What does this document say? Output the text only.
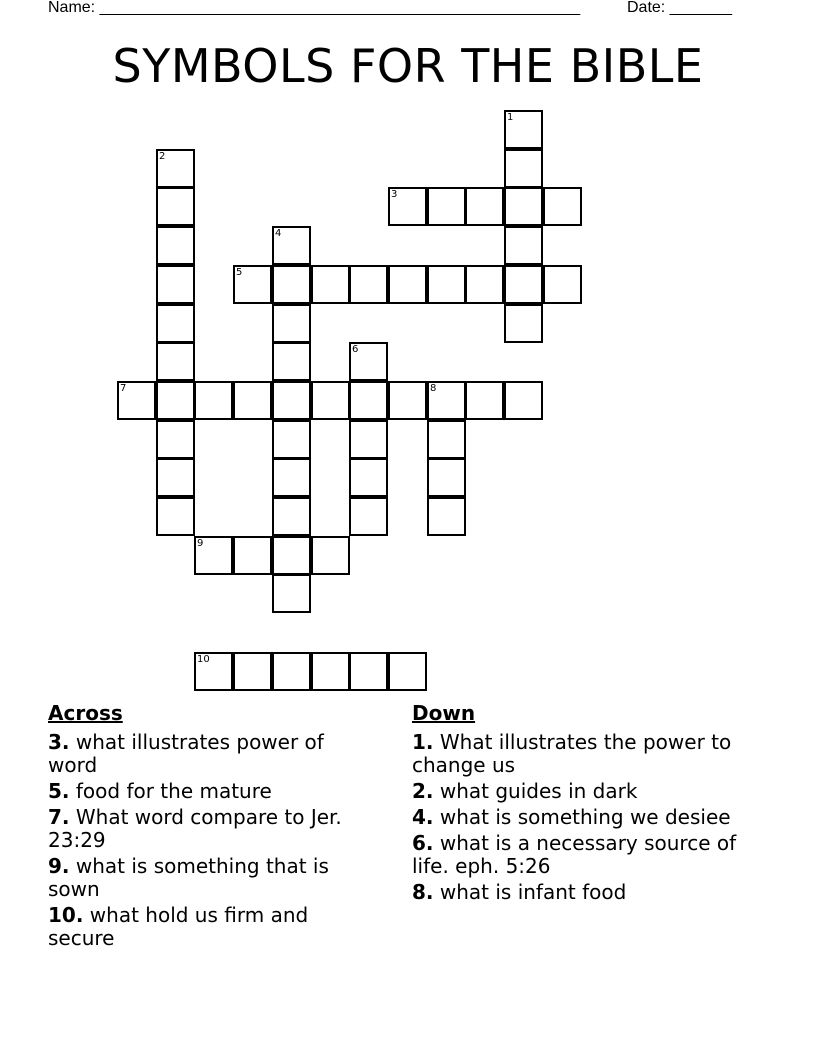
Name: ______________________________________________________	Date: _______
SYMBOLS FOR THE BIBLE
1
2
3
4
5
6
7	8
9
10
Across
3. what illustrates power of word
5. food for the mature
7. What word compare to Jer. 23:29
9. what is something that is sown
10. what hold us firm and secure
Down
1. What illustrates the power to change us
2. what guides in dark
4. what is something we desiee
6. what is a necessary source of life. eph. 5:26
8. what is infant food
